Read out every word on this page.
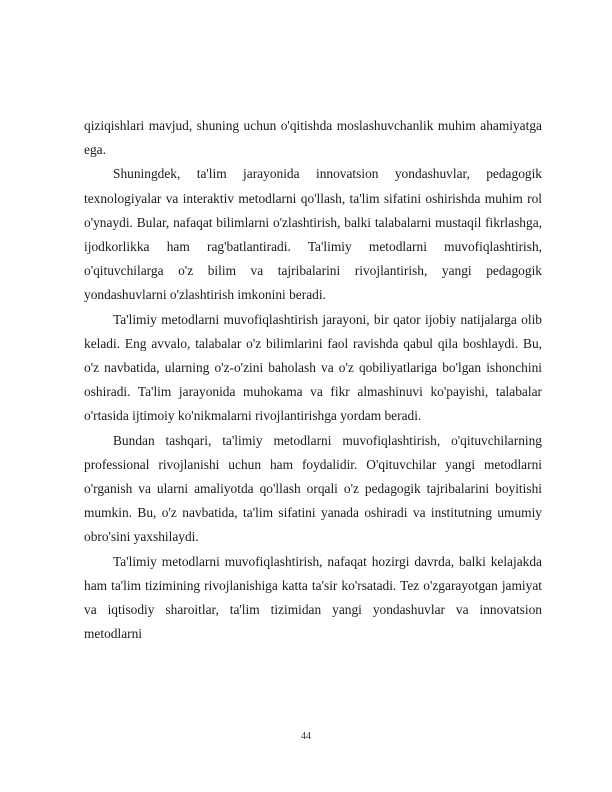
qiziqishlari mavjud, shuning uchun o'qitishda moslashuvchanlik muhim ahamiyatga ega.

Shuningdek, ta'lim jarayonida innovatsion yondashuvlar, pedagogik texnologiyalar va interaktiv metodlarni qo'llash, ta'lim sifatini oshirishda muhim rol o'ynaydi. Bular, nafaqat bilimlarni o'zlashtirish, balki talabalarni mustaqil fikrlashga, ijodkorlikka ham rag'batlantiradi. Ta'limiy metodlarni muvofiqlashtirish, o'qituvchilarga o'z bilim va tajribalarini rivojlantirish, yangi pedagogik yondashuvlarni o'zlashtirish imkonini beradi.

Ta'limiy metodlarni muvofiqlashtirish jarayoni, bir qator ijobiy natijalarga olib keladi. Eng avvalo, talabalar o'z bilimlarini faol ravishda qabul qila boshlaydi. Bu, o'z navbatida, ularning o'z-o'zini baholash va o'z qobiliyatlariga bo'lgan ishonchini oshiradi. Ta'lim jarayonida muhokama va fikr almashinuvi ko'payishi, talabalar o'rtasida ijtimoiy ko'nikmalarni rivojlantirishga yordam beradi.

Bundan tashqari, ta'limiy metodlarni muvofiqlashtirish, o'qituvchilarning professional rivojlanishi uchun ham foydalidir. O'qituvchilar yangi metodlarni o'rganish va ularni amaliyotda qo'llash orqali o'z pedagogik tajribalarini boyitishi mumkin. Bu, o'z navbatida, ta'lim sifatini yanada oshiradi va institutning umumiy obro'sini yaxshilaydi.

Ta'limiy metodlarni muvofiqlashtirish, nafaqat hozirgi davrda, balki kelajakda ham ta'lim tizimining rivojlanishiga katta ta'sir ko'rsatadi. Tez o'zgarayotgan jamiyat va iqtisodiy sharoitlar, ta'lim tizimidan yangi yondashuvlar va innovatsion metodlarni

44
